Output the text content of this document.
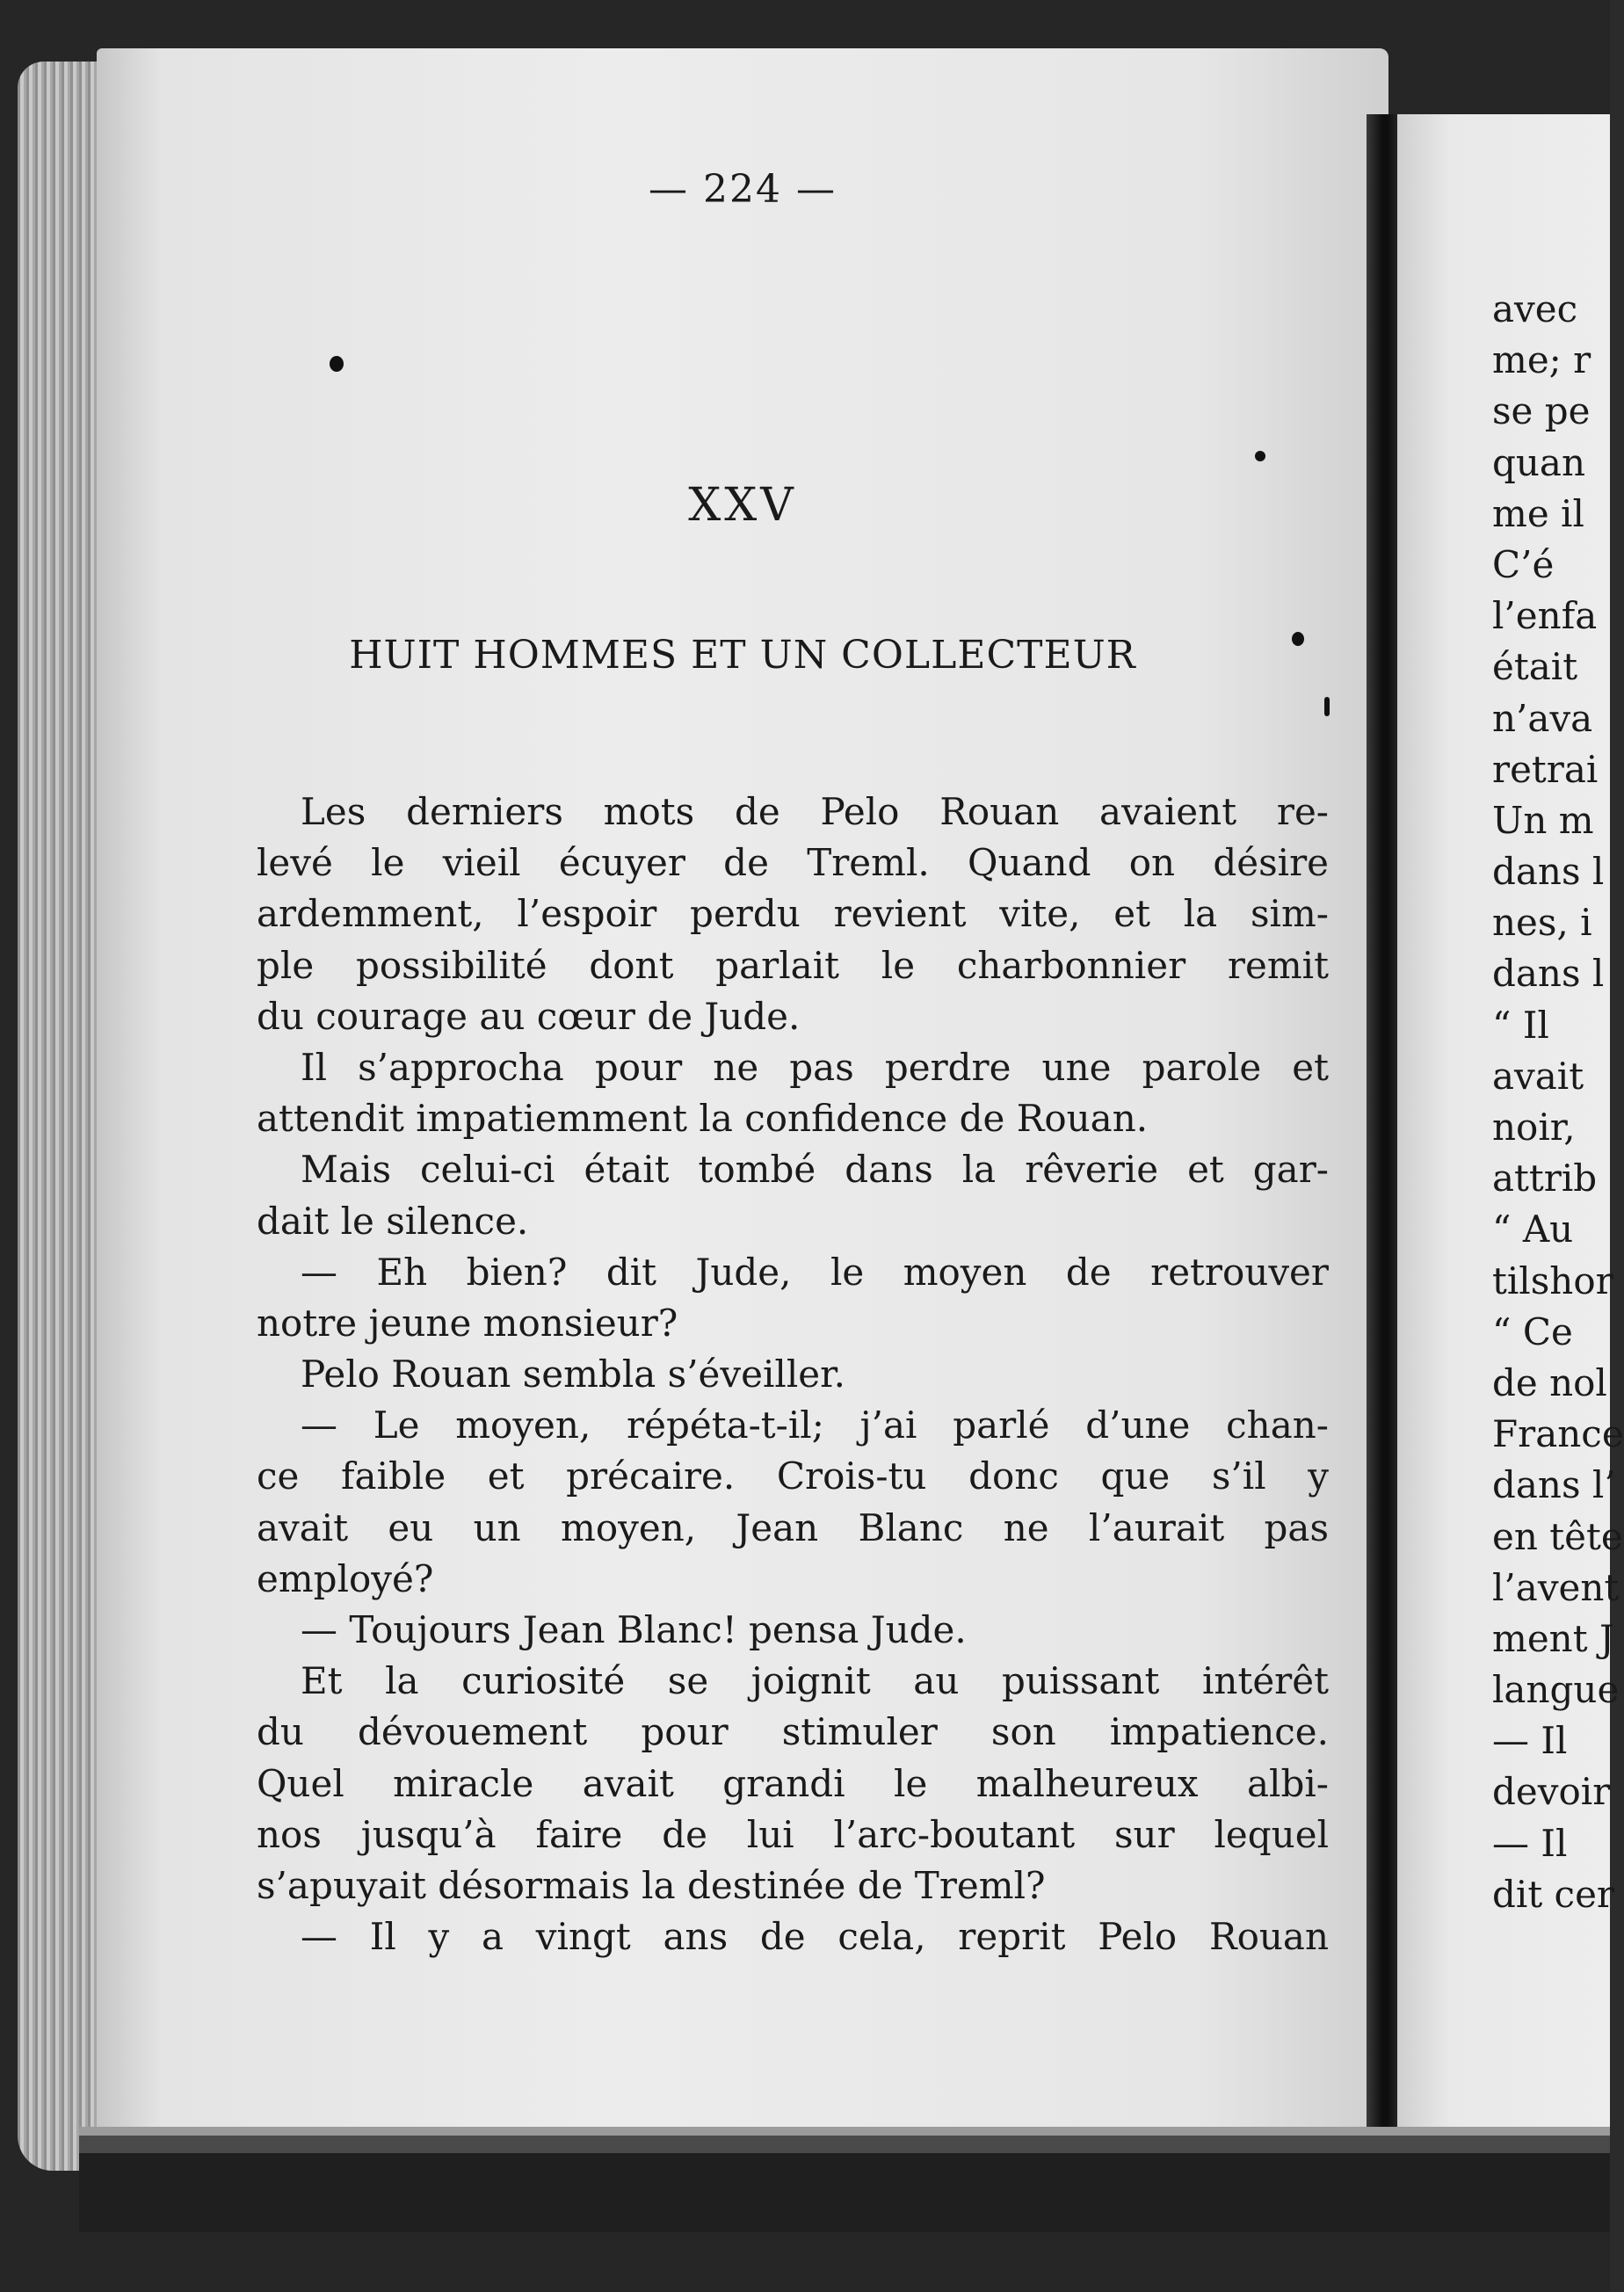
— 224 —
XXV
HUIT HOMMES ET UN COLLECTEUR
Les derniers mots de Pelo Rouan avaient re-
levé le vieil écuyer de Treml. Quand on désire
ardemment, l’espoir perdu revient vite, et la sim-
ple possibilité dont parlait le charbonnier remit
du courage au cœur de Jude.
Il s’approcha pour ne pas perdre une parole et
attendit impatiemment la confidence de Rouan.
Mais celui-ci était tombé dans la rêverie et gar-
dait le silence.
— Eh bien? dit Jude, le moyen de retrouver
notre jeune monsieur?
Pelo Rouan sembla s’éveiller.
— Le moyen, répéta-t-il; j’ai parlé d’une chan-
ce faible et précaire. Crois-tu donc que s’il y
avait eu un moyen, Jean Blanc ne l’aurait pas
employé?
— Toujours Jean Blanc! pensa Jude.
Et la curiosité se joignit au puissant intérêt
du dévouement pour stimuler son impatience.
Quel miracle avait grandi le malheureux albi-
nos jusqu’à faire de lui l’arc-boutant sur lequel
s’apuyait désormais la destinée de Treml?
— Il y a vingt ans de cela, reprit Pelo Rouan
avec
me; r
se pe
quan
me il
C’é
l’enfa
était
n’ava
retrai
Un m
dans l
nes, i
dans l
“ Il
avait
noir,
attrib
“ Au
tilshor
“ Ce
de nol
France
dans l’
en tête
l’avent
ment J
langue
— Il
devoir
— Il
dit cer
